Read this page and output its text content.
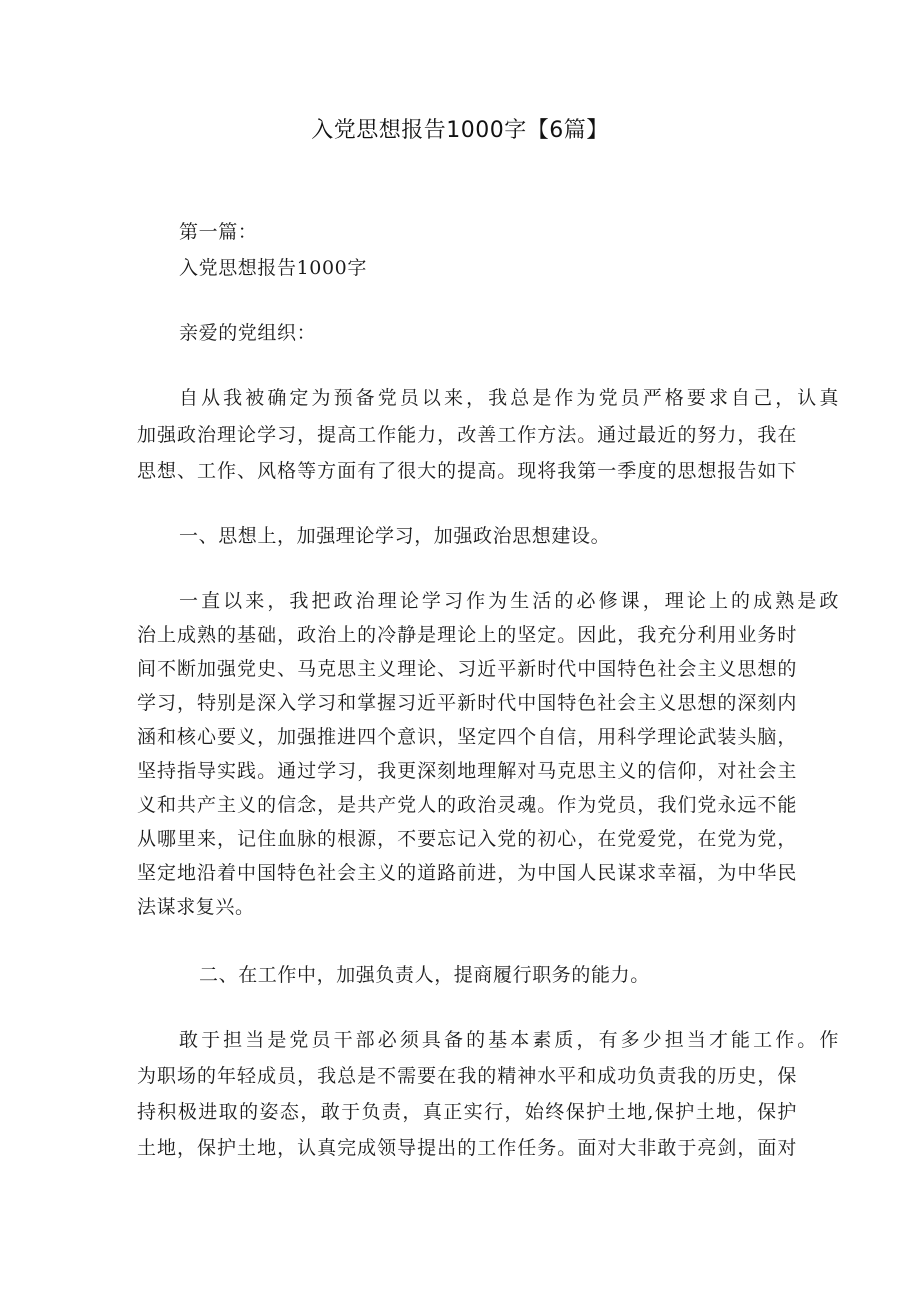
入党思想报告1000字【6篇】
第一篇：
入党思想报告1000字
亲爱的党组织：
自从我被确定为预备党员以来，我总是作为党员严格要求自己，认真
加强政治理论学习，提高工作能力，改善工作方法。通过最近的努力，我在
思想、工作、风格等方面有了很大的提高。现将我第一季度的思想报告如下
一、思想上，加强理论学习，加强政治思想建设。
一直以来，我把政治理论学习作为生活的必修课，理论上的成熟是政
治上成熟的基础，政治上的冷静是理论上的坚定。因此，我充分利用业务时
间不断加强党史、马克思主义理论、习近平新时代中国特色社会主义思想的
学习，特别是深入学习和掌握习近平新时代中国特色社会主义思想的深刻内
涵和核心要义，加强推进四个意识，坚定四个自信，用科学理论武装头脑，
坚持指导实践。通过学习，我更深刻地理解对马克思主义的信仰，对社会主
义和共产主义的信念，是共产党人的政治灵魂。作为党员，我们党永远不能
从哪里来，记住血脉的根源，不要忘记入党的初心，在党爱党，在党为党，
坚定地沿着中国特色社会主义的道路前进，为中国人民谋求幸福，为中华民
法谋求复兴。
二、在工作中，加强负责人，提商履行职务的能力。
敢于担当是党员干部必须具备的基本素质，有多少担当才能工作。作
为职场的年轻成员，我总是不需要在我的精神水平和成功负责我的历史，保
持积极进取的姿态，敢于负责，真正实行，始终保护土地,保护土地，保护
土地，保护土地，认真完成领导提出的工作任务。面对大非敢于亮剑，面对
